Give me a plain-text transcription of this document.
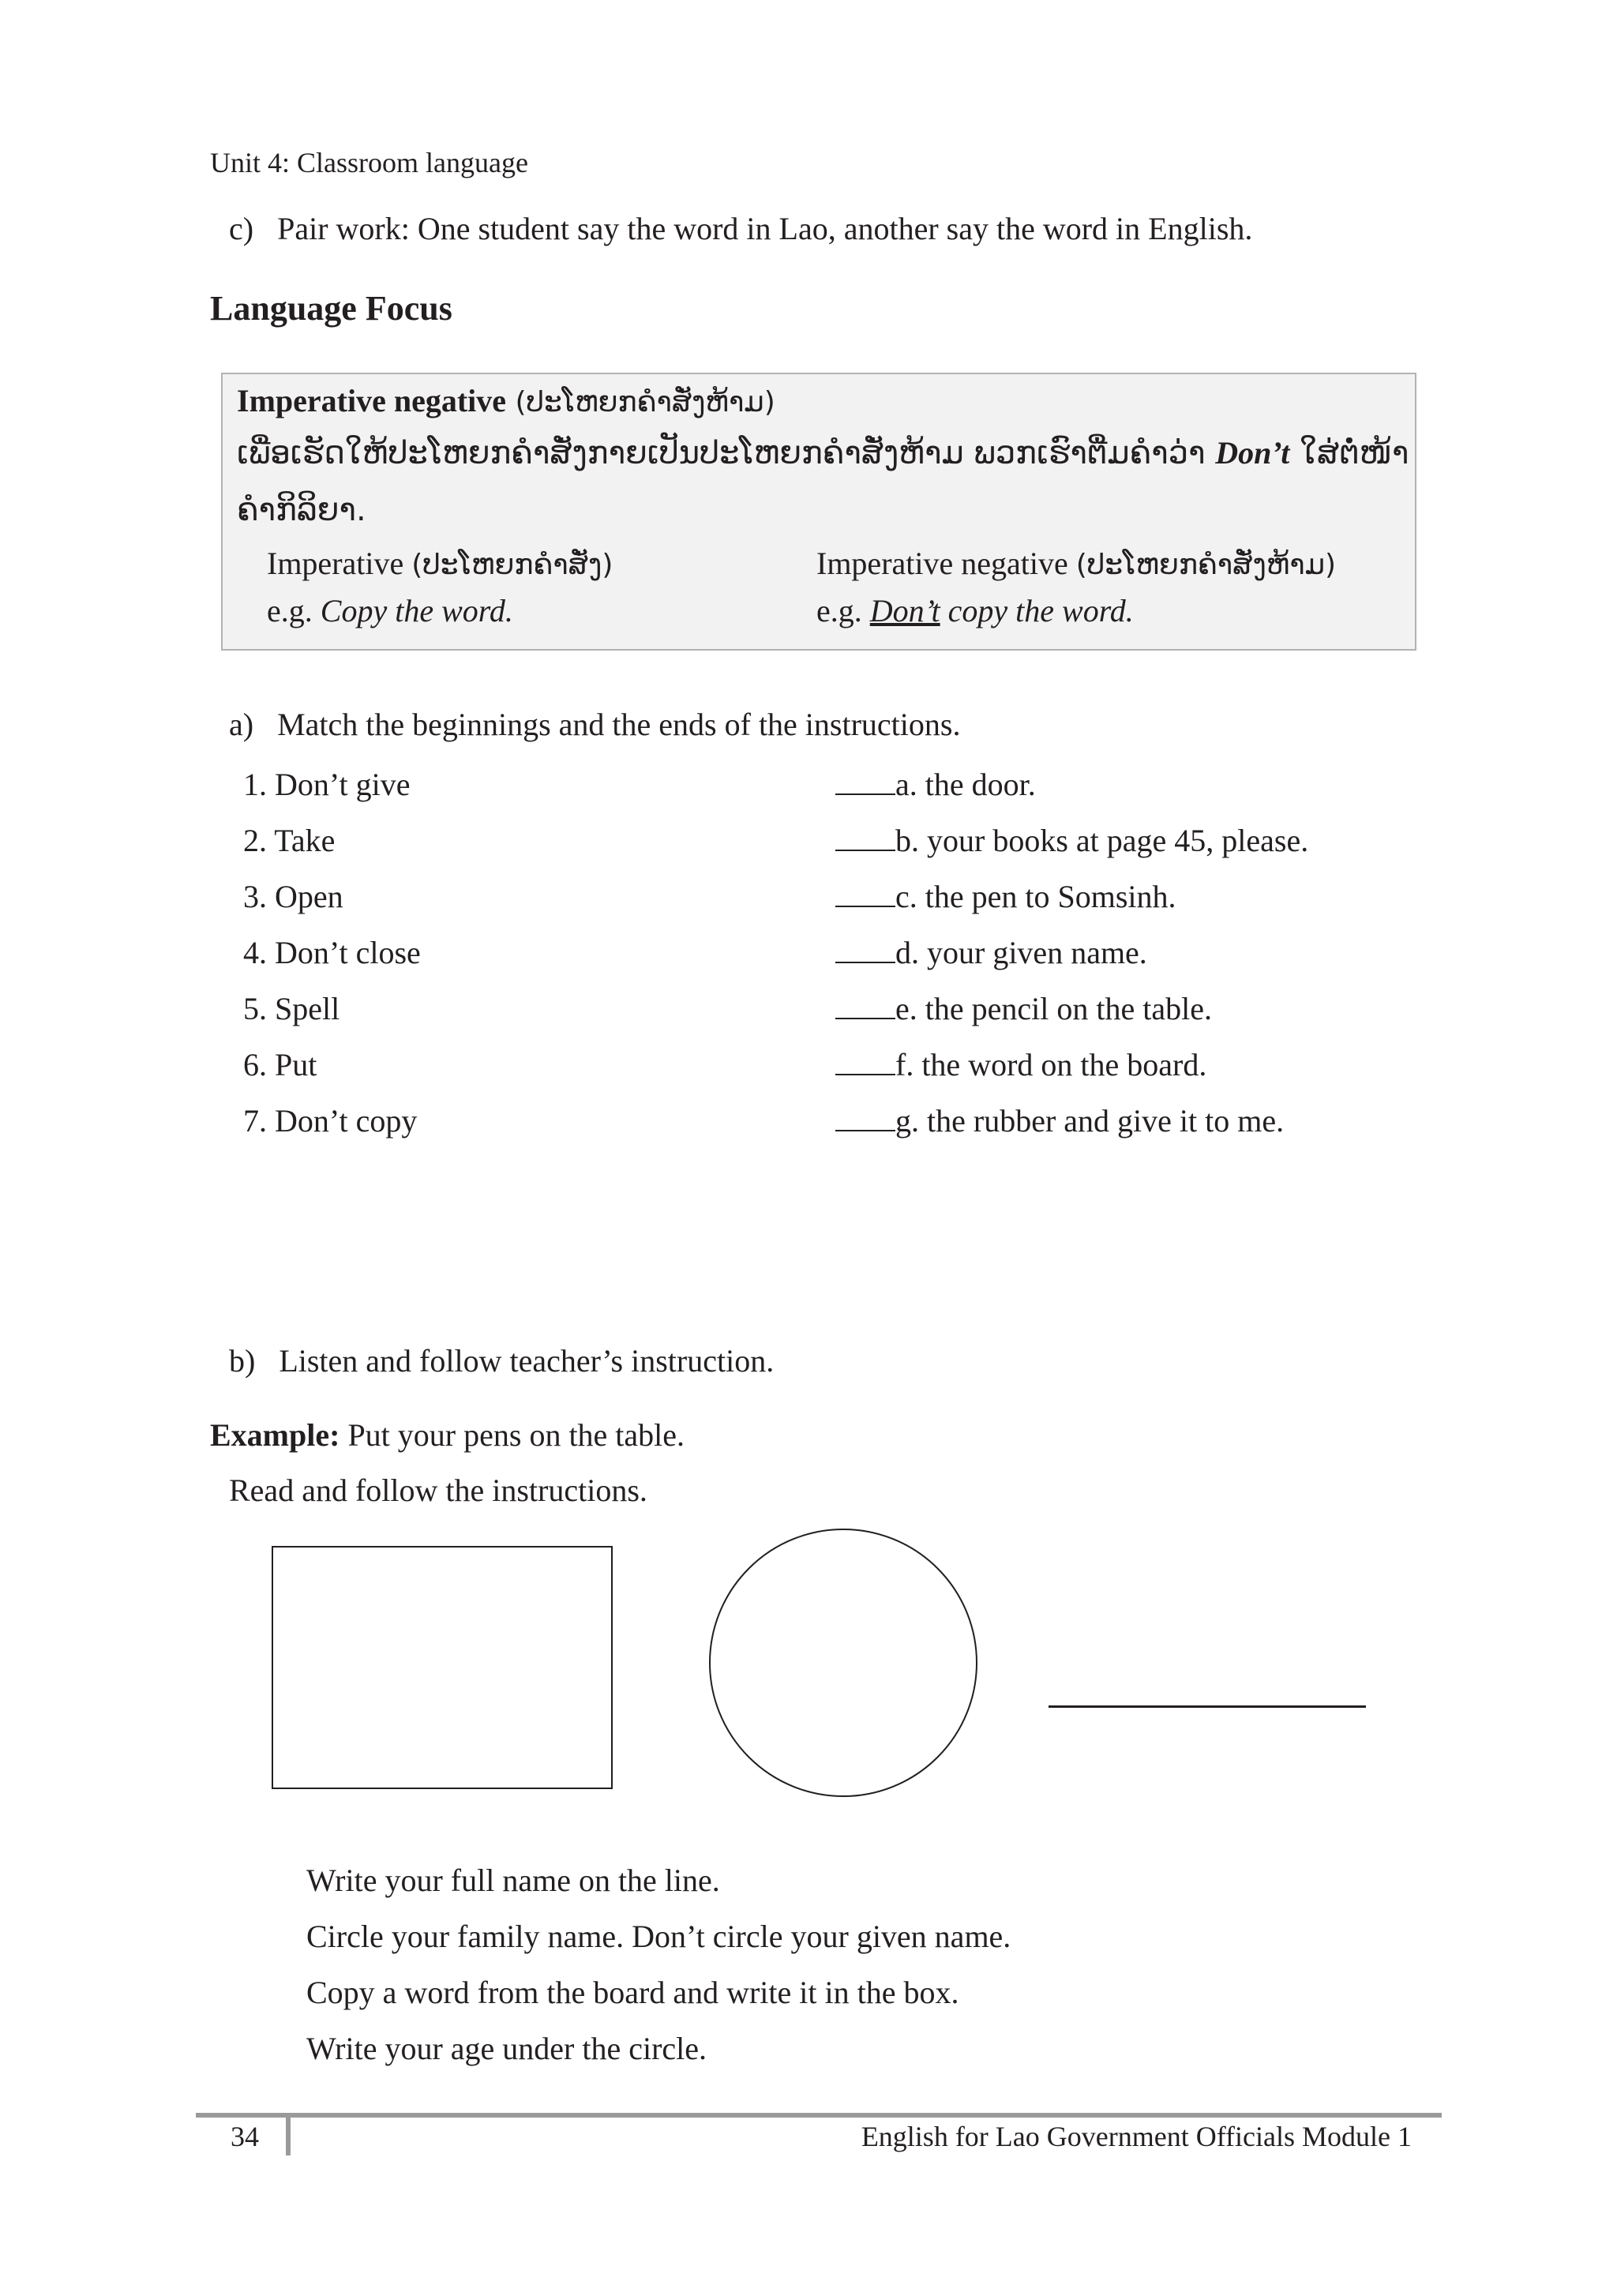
Unit 4: Classroom language
c)  Pair work: One student say the word in Lao, another say the word in English.
Language Focus
Imperative negative (ປະໂຫຍກຄຳສັ່ງຫ້າມ)
ເພື່ອເຮັດໃຫ້ປະໂຫຍກຄຳສັ່ງກາຍເປັນປະໂຫຍກຄຳສັ່ງຫ້າມ ພວກເຮົາຕື່ມຄຳວ່າ Don’t ໃສ່ຕໍ່ໜ້າ
ຄຳກິລິຍາ.
Imperative (ປະໂຫຍກຄຳສັ່ງ)
e.g. Copy the word.
Imperative negative (ປະໂຫຍກຄຳສັ່ງຫ້າມ)
e.g. Don’t copy the word.
a)  Match the beginnings and the ends of the instructions.
1. Don’t give
2. Take
3. Open
4. Don’t close
5. Spell
6. Put
7. Don’t copy
a. the door.
b. your books at page 45, please.
c. the pen to Somsinh.
d. your given name.
e. the pencil on the table.
f. the word on the board.
g. the rubber and give it to me.
b)  Listen and follow teacher’s instruction.
Example: Put your pens on the table.
Read and follow the instructions.
Write your full name on the line.
Circle your family name. Don’t circle your given name.
Copy a word from the board and write it in the box.
Write your age under the circle.
34	English for Lao Government Officials Module 1
